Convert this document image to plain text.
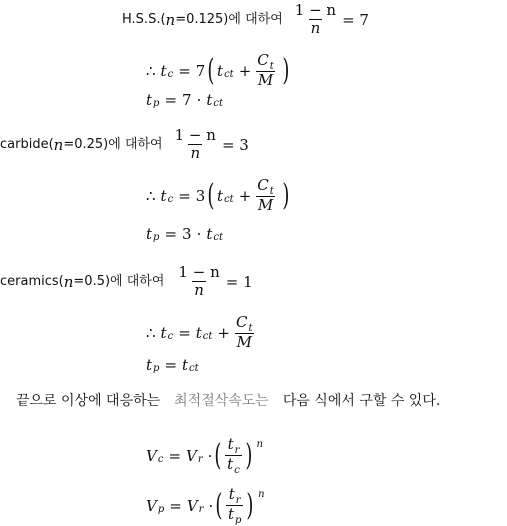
H.S.S.( n =0.125) 에 대하여 $\frac{1 - n}{n} = 7$
∴ t c = 7 ( t ct + $\frac{C_t}{M}$ )
t p = 7 · t ct
carbide( n =0.25) 에 대하여 $\frac{1 - n}{n} = 3$
∴ t c = 3 ( t ct + $\frac{C_t}{M}$ )
t p = 3 · t ct
ceramics( n =0.5) 에 대하여 $\frac{1 - n}{n} = 1$
∴ t c = t ct + $\frac{C_t}{M}$
t p = t ct
끝으로 이상에 대응하는 최적절삭속도는 다음 식에서 구할 수 있다.
V c = V r · ( $\frac{t_r}{t_c}$ ) n
V p = V r · ( $\frac{t_r}{t_p}$ ) n
